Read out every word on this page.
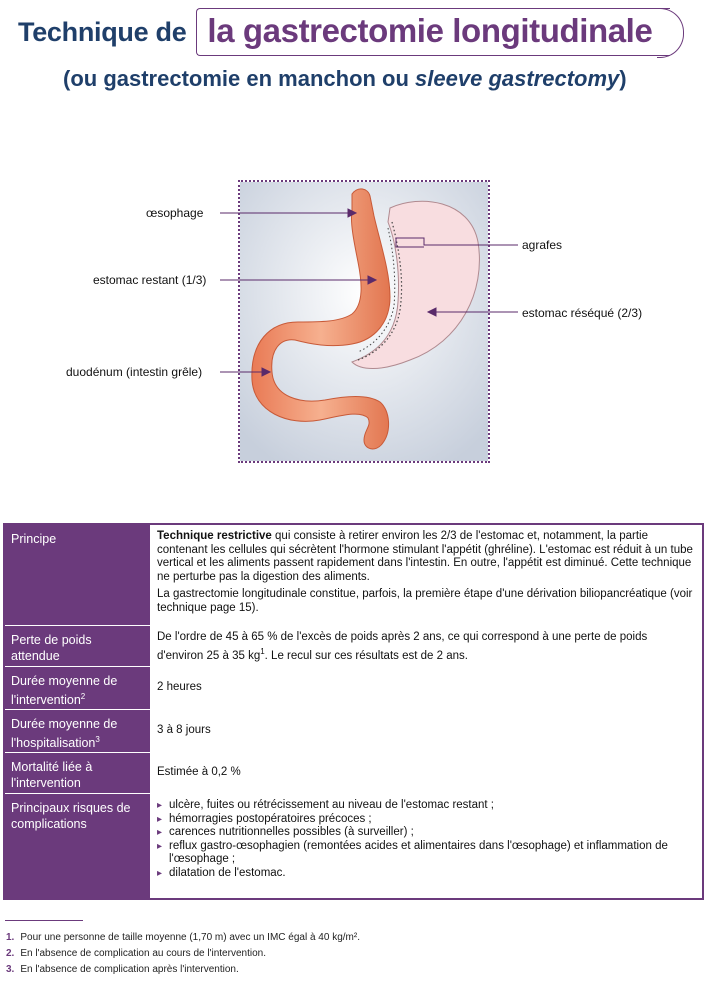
Technique de la gastrectomie longitudinale
(ou gastrectomie en manchon ou sleeve gastrectomy)
œsophage
estomac restant (1/3)
duodénum (intestin grêle)
agrafes
estomac réséqué (2/3)
Principe	Technique restrictive qui consiste à retirer environ les 2/3 de l'estomac et, notamment, la partie contenant les cellules qui sécrètent l'hormone stimulant l'appétit (ghréline). L'estomac est réduit à un tube vertical et les aliments passent rapidement dans l'intestin. En outre, l'appétit est diminué. Cette technique ne perturbe pas la digestion des aliments.

La gastrectomie longitudinale constitue, parfois, la première étape d'une dérivation biliopancréatique (voir technique page 15).

Perte de poids attendue
De l'ordre de 45 à 65 % de l'excès de poids après 2 ans, ce qui correspond à une perte de poids d'environ 25 à 35 $kg^1$. Le recul sur ces résultats est de 2 ans.
Durée moyenne de l'intervention$^2$
2 heures
Durée moyenne de l'hospitalisation$^3$
3 à 8 jours
Mortalité liée à l'intervention
Estimée à 0,2 %
Principaux risques de complications
▸ ulcère, fuites ou rétrécissement au niveau de l'estomac restant ;
▸ hémorragies postopératoires précoces ;
▸ carences nutritionnelles possibles (à surveiller) ;
▸ reflux gastro-œsophagien (remontées acides et alimentaires dans l'œsophage) et inflammation de l'œsophage ;
▸ dilatation de l'estomac.
1. Pour une personne de taille moyenne (1,70 m) avec un IMC égal à 40 kg/m².
2. En l'absence de complication au cours de l'intervention.
3. En l'absence de complication après l'intervention.
